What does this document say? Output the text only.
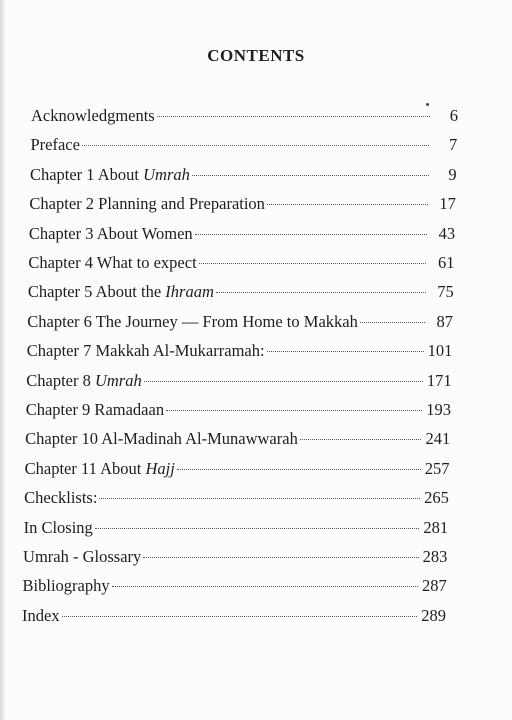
CONTENTS
Acknowledgments	6
Preface	7
Chapter 1 About Umrah	9
Chapter 2 Planning and Preparation	17
Chapter 3 About Women	43
Chapter 4 What to expect	61
Chapter 5 About the Ihraam	75
Chapter 6 The Journey — From Home to Makkah	87
Chapter 7 Makkah Al-Mukarramah:	101
Chapter 8 Umrah	171
Chapter 9 Ramadaan	193
Chapter 10 Al-Madinah Al-Munawwarah	241
Chapter 11 About Hajj	257
Checklists:	265
In Closing	281
Umrah - Glossary	283
Bibliography	287
Index	289
